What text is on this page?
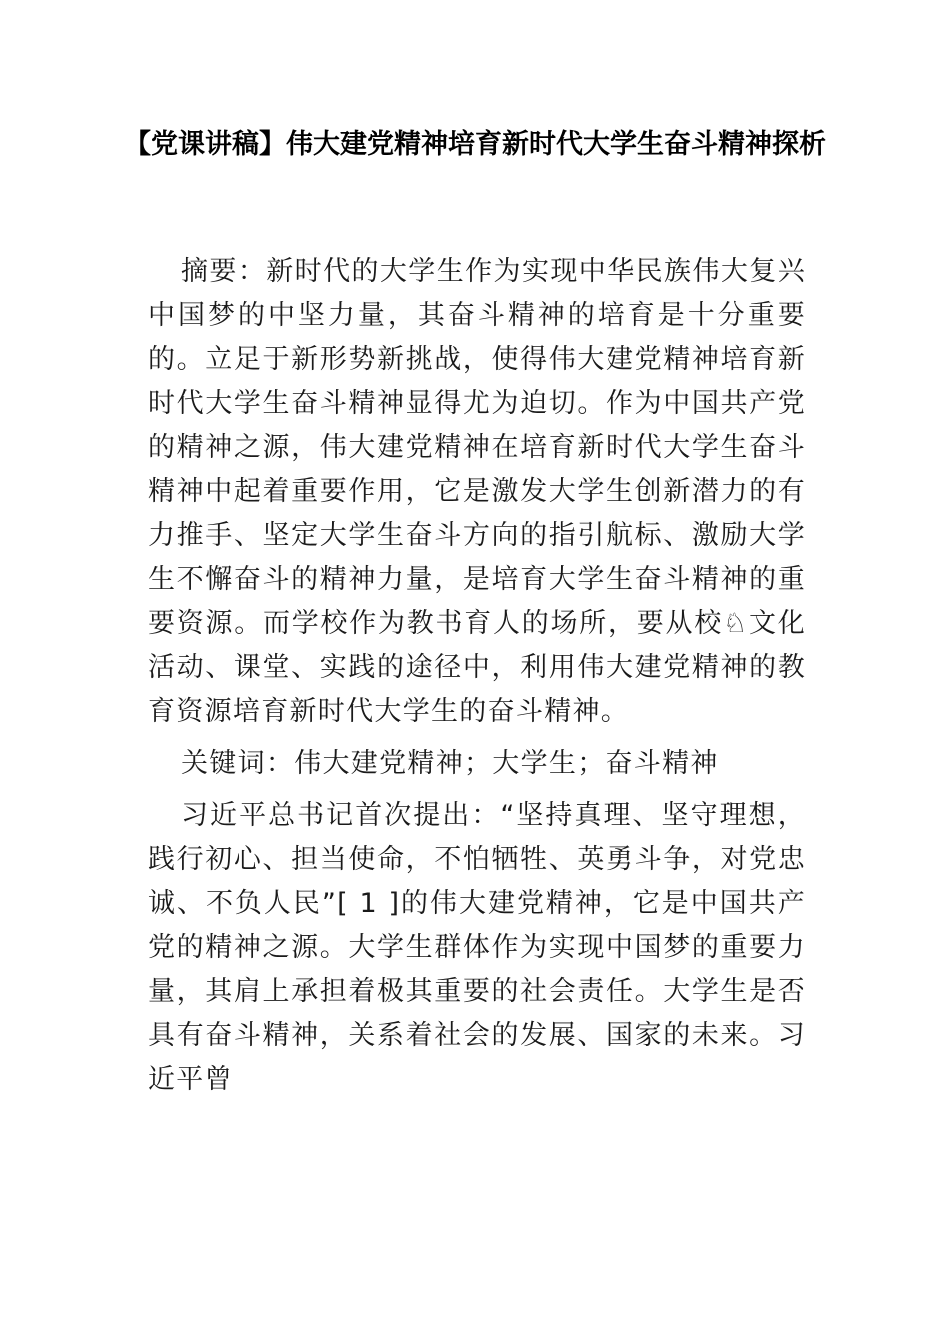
【党课讲稿】伟大建党精神培育新时代大学生奋斗精神探析

摘要：新时代的大学生作为实现中华民族伟大复兴中国梦的中坚力量，其奋斗精神的培育是十分重要的。立足于新形势新挑战，使得伟大建党精神培育新时代大学生奋斗精神显得尤为迫切。作为中国共产党的精神之源，伟大建党精神在培育新时代大学生奋斗精神中起着重要作用，它是激发大学生创新潜力的有力推手、坚定大学生奋斗方向的指引航标、激励大学生不懈奋斗的精神力量，是培育大学生奋斗精神的重要资源。而学校作为教书育人的场所，要从校♘文化活动、课堂、实践的途径中，利用伟大建党精神的教育资源培育新时代大学生的奋斗精神。

关键词：伟大建党精神；大学生；奋斗精神

习近平总书记首次提出：“坚持真理、坚守理想，践行初心、担当使命，不怕牺牲、英勇斗争，对党忠诚、不负人民”[ 1 ]的伟大建党精神，它是中国共产党的精神之源。大学生群体作为实现中国梦的重要力量，其肩上承担着极其重要的社会责任。大学生是否具有奋斗精神，关系着社会的发展、国家的未来。习近平曾
